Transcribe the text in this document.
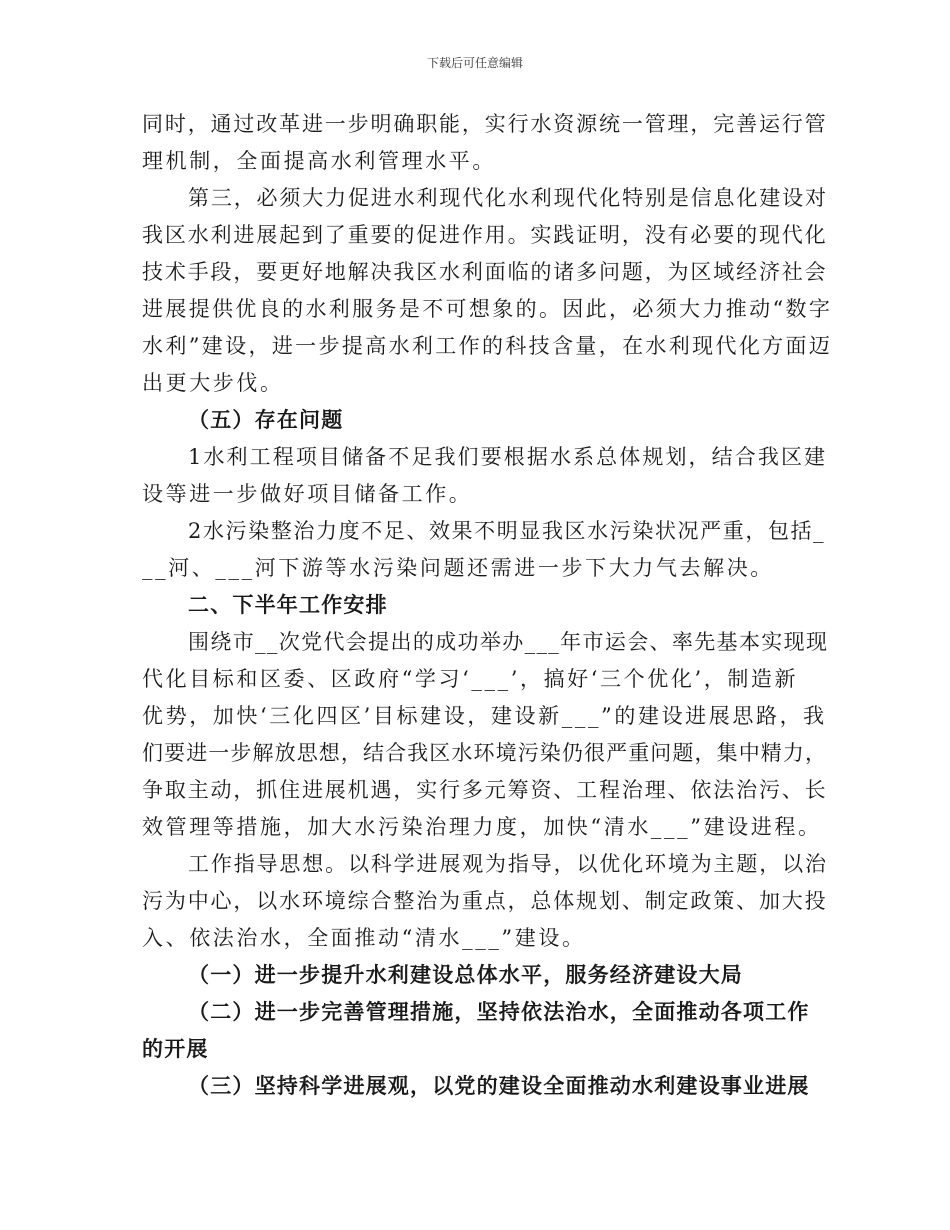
下载后可任意编辑
同时，通过改革进一步明确职能，实行水资源统一管理，完善运行管
理机制，全面提高水利管理水平。
第三，必须大力促进水利现代化水利现代化特别是信息化建设对
我区水利进展起到了重要的促进作用。实践证明，没有必要的现代化
技术手段，要更好地解决我区水利面临的诸多问题，为区域经济社会
进展提供优良的水利服务是不可想象的。因此，必须大力推动“数字
水利”建设，进一步提高水利工作的科技含量，在水利现代化方面迈
出更大步伐。
（五）存在问题
1水利工程项目储备不足我们要根据水系总体规划，结合我区建
设等进一步做好项目储备工作。
2水污染整治力度不足、效果不明显我区水污染状况严重，包括_
__河、___河下游等水污染问题还需进一步下大力气去解决。
二、下半年工作安排
围绕市__次党代会提出的成功举办___年市运会、率先基本实现现
代化目标和区委、区政府“学习‘___’，搞好‘三个优化’，制造新
优势，加快‘三化四区’目标建设，建设新___”的建设进展思路，我
们要进一步解放思想，结合我区水环境污染仍很严重问题，集中精力，
争取主动，抓住进展机遇，实行多元筹资、工程治理、依法治污、长
效管理等措施，加大水污染治理力度，加快“清水___”建设进程。
工作指导思想。以科学进展观为指导，以优化环境为主题，以治
污为中心，以水环境综合整治为重点，总体规划、制定政策、加大投
入、依法治水，全面推动“清水___”建设。
（一）进一步提升水利建设总体水平，服务经济建设大局
（二）进一步完善管理措施，坚持依法治水，全面推动各项工作
的开展
（三）坚持科学进展观，以党的建设全面推动水利建设事业进展
